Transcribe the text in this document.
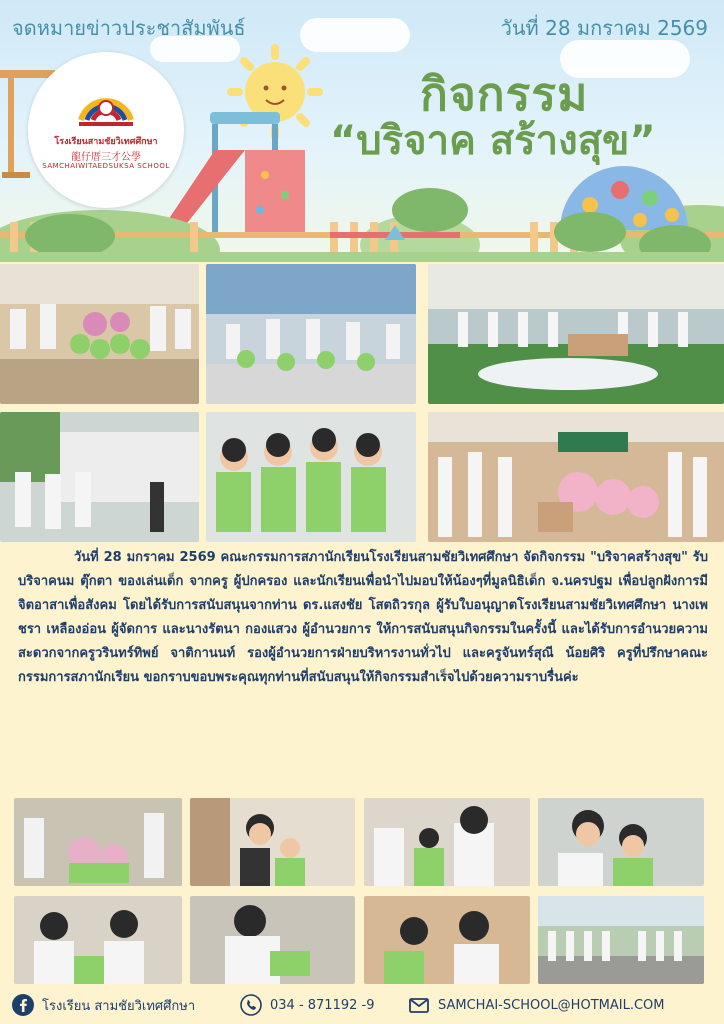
จดหมายข่าวประชาสัมพันธ์	วันที่ 28 มกราคม 2569
กิจกรรม
“บริจาค สร้างสุข”
โรงเรียนสามชัยวิเทศศึกษา
龍仔厝三才公學
SAMCHAIWITAEDSUKSA SCHOOL
วันที่ 28 มกราคม 2569 คณะกรรมการสภานักเรียนโรงเรียนสามชัยวิเทศศึกษา จัดกิจกรรม "บริจาคสร้างสุข" รับบริจาคนม ตุ๊กตา ของเล่นเด็ก จากครู ผู้ปกครอง และนักเรียนเพื่อนำไปมอบให้น้องๆที่มูลนิธิเด็ก จ.นครปฐม เพื่อปลูกฝังการมีจิตอาสาเพื่อสังคม โดยได้รับการสนับสนุนจากท่าน ดร.แสงชัย โสตถิวรกุล ผู้รับใบอนุญาตโรงเรียนสามชัยวิเทศศึกษา นางเพชรา เหลืองอ่อน ผู้จัดการ และนางรัตนา กองแสวง ผู้อำนวยการ ให้การสนับสนุนกิจกรรมในครั้งนี้ และได้รับการอำนวยความสะดวกจากครูวรินทร์ทิพย์ จาติกานนท์ รองผู้อำนวยการฝ่ายบริหารงานทั่วไป และครูจันทร์สุณี น้อยศิริ ครูที่ปรึกษาคณะกรรมการสภานักเรียน ขอกราบขอบพระคุณทุกท่านที่สนับสนุนให้กิจกรรมสำเร็จไปด้วยความราบรื่นค่ะ
โรงเรียน สามชัยวิเทศศึกษา	034 - 871192 -9	SAMCHAI-SCHOOL@HOTMAIL.COM
